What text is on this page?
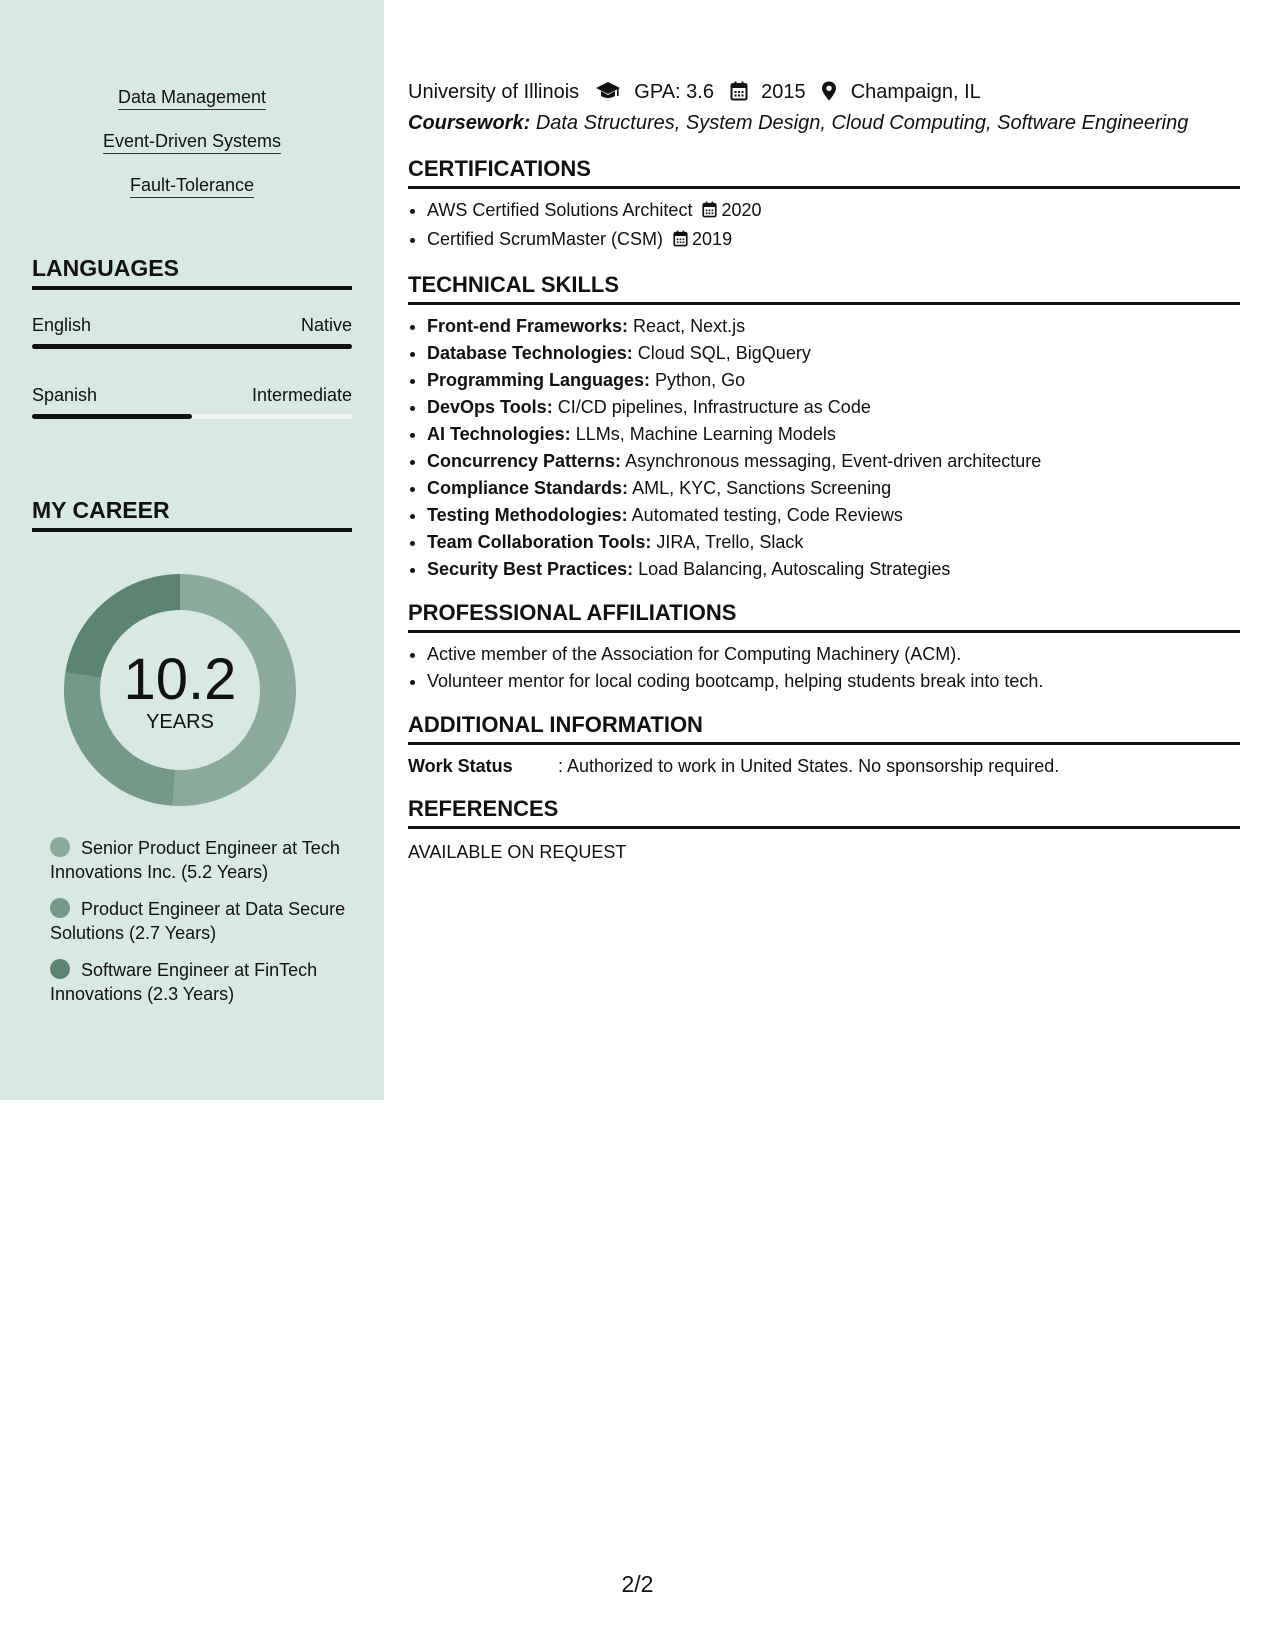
Data Management
Event-Driven Systems
Fault-Tolerance
LANGUAGES
English	Native
Spanish	Intermediate
MY CAREER
10.2
YEARS
Senior Product Engineer at Tech Innovations Inc. (5.2 Years)
Product Engineer at Data Secure Solutions (2.7 Years)
Software Engineer at FinTech Innovations (2.3 Years)
University of Illinois	GPA: 3.6 2015 Champaign, IL
Coursework: Data Structures, System Design, Cloud Computing, Software Engineering
CERTIFICATIONS
• AWS Certified Solutions Architect 2020
• Certified ScrumMaster (CSM) 2019
TECHNICAL SKILLS
• Front-end Frameworks: React, Next.js
• Database Technologies: Cloud SQL, BigQuery
• Programming Languages: Python, Go
• DevOps Tools: CI/CD pipelines, Infrastructure as Code
• AI Technologies: LLMs, Machine Learning Models
• Concurrency Patterns: Asynchronous messaging, Event-driven architecture
• Compliance Standards: AML, KYC, Sanctions Screening
• Testing Methodologies: Automated testing, Code Reviews
• Team Collaboration Tools: JIRA, Trello, Slack
• Security Best Practices: Load Balancing, Autoscaling Strategies
PROFESSIONAL AFFILIATIONS
• Active member of the Association for Computing Machinery (ACM).
• Volunteer mentor for local coding bootcamp, helping students break into tech.
ADDITIONAL INFORMATION
Work Status	: Authorized to work in United States. No sponsorship required.
REFERENCES
AVAILABLE ON REQUEST
2/2
